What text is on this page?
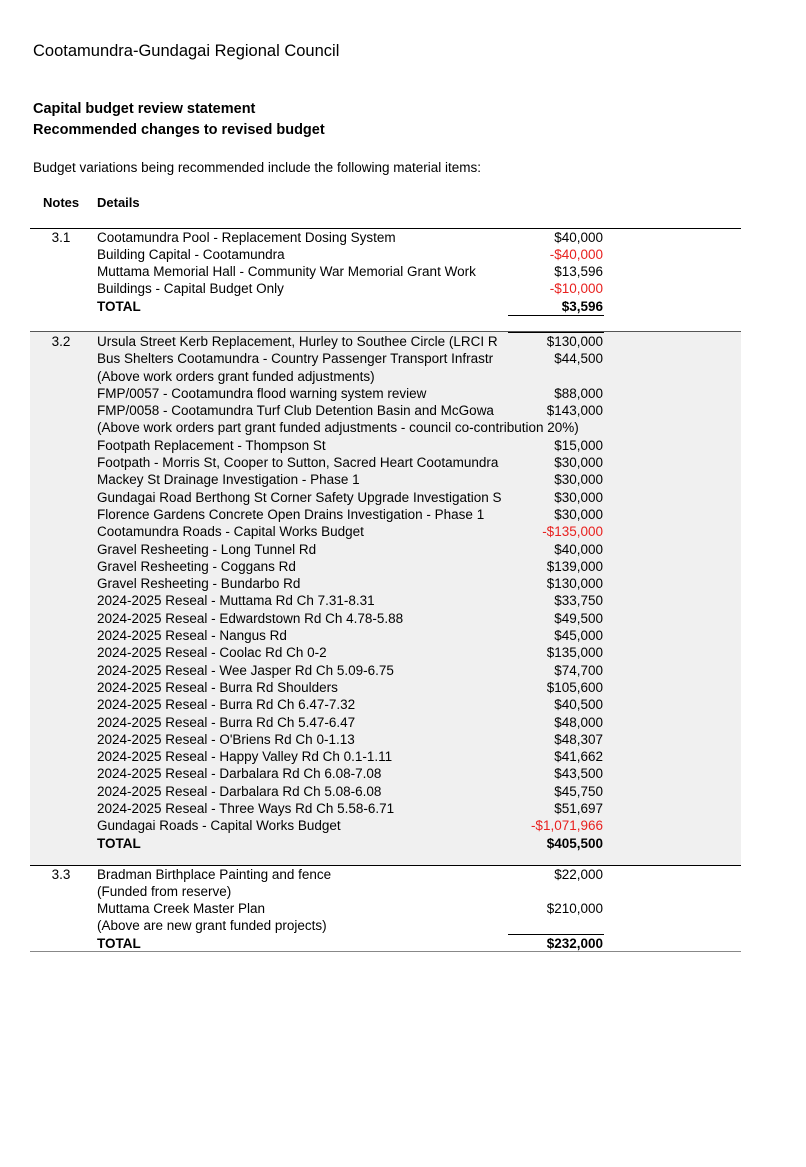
Cootamundra-Gundagai Regional Council
Capital budget review statement
Recommended changes to revised budget
Budget variations being recommended include the following material items:
Notes Details
3.1	Cootamundra Pool - Replacement Dosing System	$40,000
Building Capital - Cootamundra	-$40,000
Muttama Memorial Hall - Community War Memorial Grant Work	$13,596
Buildings - Capital Budget Only	-$10,000
TOTAL	$3,596
3.2	Ursula Street Kerb Replacement, Hurley to Southee Circle (LRCI R	$130,000
Bus Shelters Cootamundra - Country Passenger Transport Infrastr	$44,500
(Above work orders grant funded adjustments)
FMP/0057 - Cootamundra flood warning system review	$88,000
FMP/0058 - Cootamundra Turf Club Detention Basin and McGowa	$143,000
(Above work orders part grant funded adjustments - council co-contribution 20%)
Footpath Replacement - Thompson St	$15,000
Footpath - Morris St, Cooper to Sutton, Sacred Heart Cootamundra	$30,000
Mackey St Drainage Investigation - Phase 1	$30,000
Gundagai Road Berthong St Corner Safety Upgrade Investigation S	$30,000
Florence Gardens Concrete Open Drains Investigation - Phase 1	$30,000
Cootamundra Roads - Capital Works Budget	-$135,000
Gravel Resheeting - Long Tunnel Rd	$40,000
Gravel Resheeting - Coggans Rd	$139,000
Gravel Resheeting - Bundarbo Rd	$130,000
2024-2025 Reseal - Muttama Rd Ch 7.31-8.31	$33,750
2024-2025 Reseal - Edwardstown Rd Ch 4.78-5.88	$49,500
2024-2025 Reseal - Nangus Rd	$45,000
2024-2025 Reseal - Coolac Rd Ch 0-2	$135,000
2024-2025 Reseal - Wee Jasper Rd Ch 5.09-6.75	$74,700
2024-2025 Reseal - Burra Rd Shoulders	$105,600
2024-2025 Reseal - Burra Rd Ch 6.47-7.32	$40,500
2024-2025 Reseal - Burra Rd Ch 5.47-6.47	$48,000
2024-2025 Reseal - O'Briens Rd Ch 0-1.13	$48,307
2024-2025 Reseal - Happy Valley Rd Ch 0.1-1.11	$41,662
2024-2025 Reseal - Darbalara Rd Ch 6.08-7.08	$43,500
2024-2025 Reseal - Darbalara Rd Ch 5.08-6.08	$45,750
2024-2025 Reseal - Three Ways Rd Ch 5.58-6.71	$51,697
Gundagai Roads - Capital Works Budget	-$1,071,966
TOTAL	$405,500
3.3	Bradman Birthplace Painting and fence	$22,000
(Funded from reserve)
Muttama Creek Master Plan	$210,000
(Above are new grant funded projects)
TOTAL	$232,000
